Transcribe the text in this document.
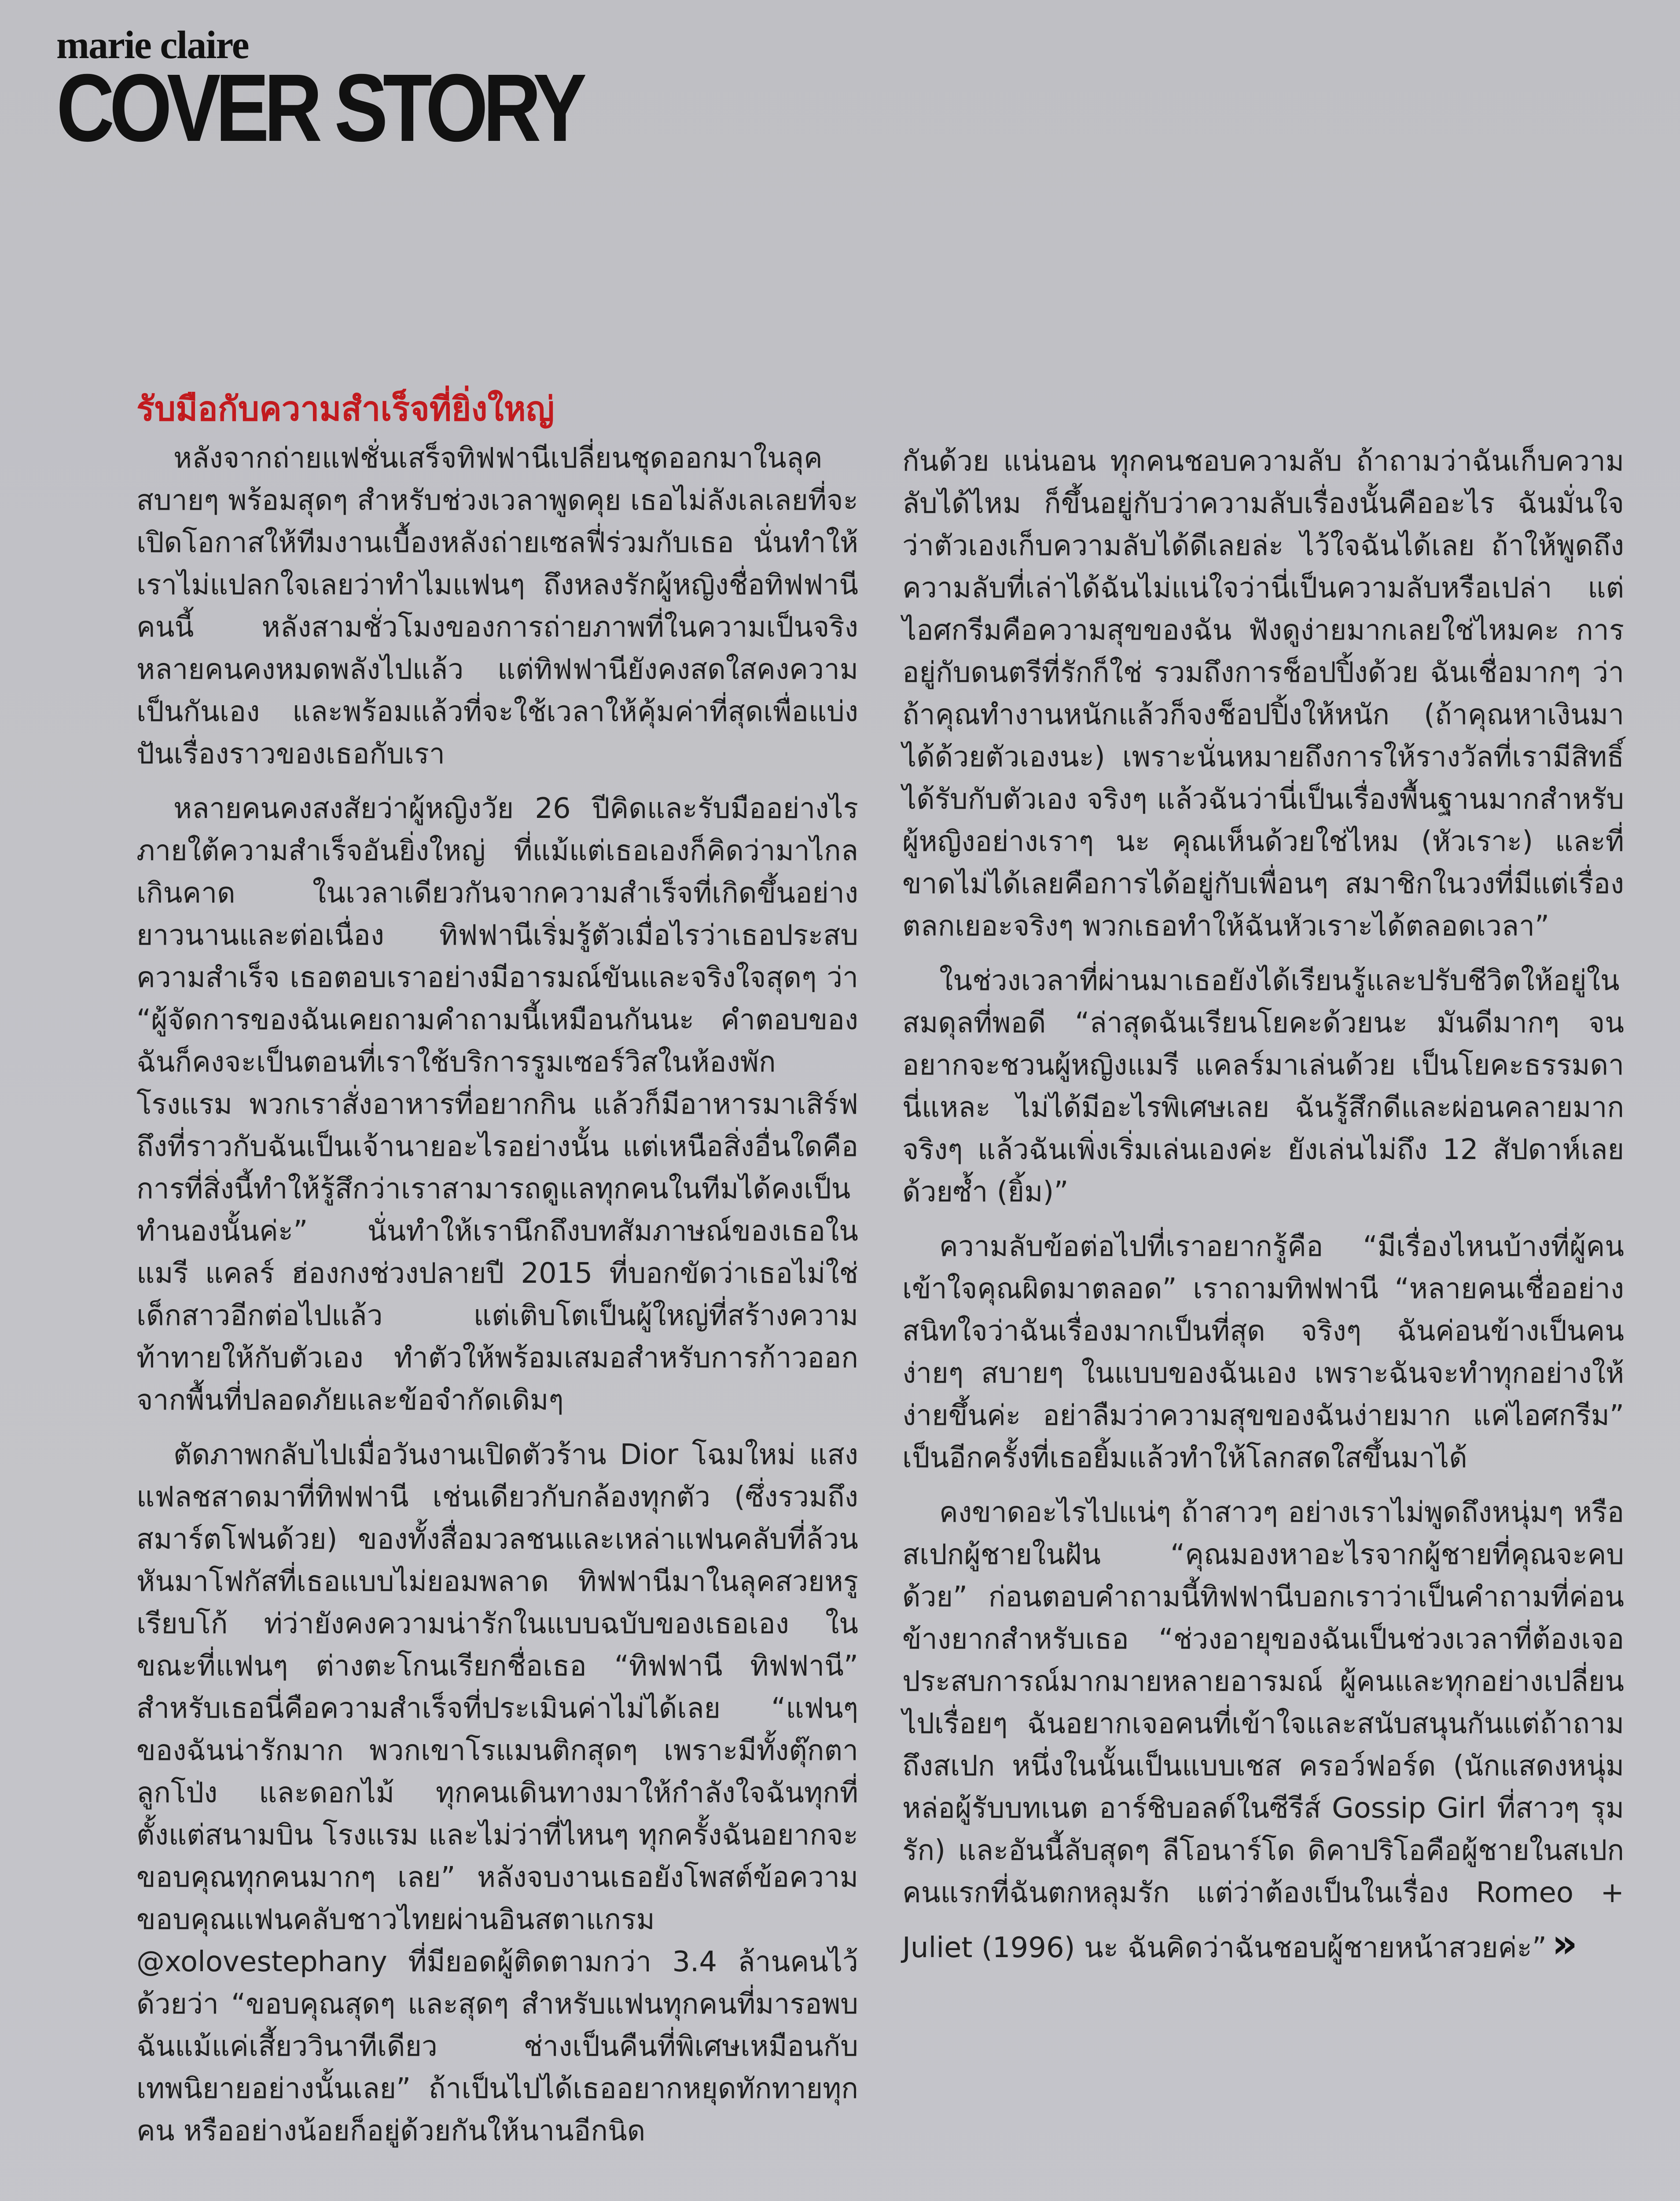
marie claire
COVER STORY
รับมือกับความสำเร็จที่ยิ่งใหญ่

หลังจากถ่ายแฟชั่นเสร็จทิฟฟานีเปลี่ยนชุดออกมาในลุคสบายๆ พร้อมสุดๆ สำหรับช่วงเวลาพูดคุย เธอไม่ลังเลเลยที่จะเปิดโอกาสให้ทีมงานเบื้องหลังถ่ายเซลฟี่ร่วมกับเธอ นั่นทำให้เราไม่แปลกใจเลยว่าทำไมแฟนๆ ถึงหลงรักผู้หญิงชื่อทิฟฟานีคนนี้ หลังสามชั่วโมงของการถ่ายภาพที่ในความเป็นจริงหลายคนคงหมดพลังไปแล้ว แต่ทิฟฟานียังคงสดใสคงความเป็นกันเอง และพร้อมแล้วที่จะใช้เวลาให้คุ้มค่าที่สุดเพื่อแบ่งปันเรื่องราวของเธอกับเรา

หลายคนคงสงสัยว่าผู้หญิงวัย 26 ปีคิดและรับมืออย่างไรภายใต้ความสำเร็จอันยิ่งใหญ่ ที่แม้แต่เธอเองก็คิดว่ามาไกลเกินคาด ในเวลาเดียวกันจากความสำเร็จที่เกิดขึ้นอย่างยาวนานและต่อเนื่อง ทิฟฟานีเริ่มรู้ตัวเมื่อไรว่าเธอประสบความสำเร็จ เธอตอบเราอย่างมีอารมณ์ขันและจริงใจสุดๆ ว่า “ผู้จัดการของฉันเคยถามคำถามนี้เหมือนกันนะ คำตอบของฉันก็คงจะเป็นตอนที่เราใช้บริการรูมเซอร์วิสในห้องพักโรงแรม พวกเราสั่งอาหารที่อยากกิน แล้วก็มีอาหารมาเสิร์ฟถึงที่ราวกับฉันเป็นเจ้านายอะไรอย่างนั้น แต่เหนือสิ่งอื่นใดคือการที่สิ่งนี้ทำให้รู้สึกว่าเราสามารถดูแลทุกคนในทีมได้คงเป็นทำนองนั้นค่ะ” นั่นทำให้เรานึกถึงบทสัมภาษณ์ของเธอในแมรี แคลร์ ฮ่องกงช่วงปลายปี 2015 ที่บอกขัดว่าเธอไม่ใช่เด็กสาวอีกต่อไปแล้ว แต่เติบโตเป็นผู้ใหญ่ที่สร้างความท้าทายให้กับตัวเอง ทำตัวให้พร้อมเสมอสำหรับการก้าวออกจากพื้นที่ปลอดภัยและข้อจำกัดเดิมๆ

ตัดภาพกลับไปเมื่อวันงานเปิดตัวร้าน Dior โฉมใหม่ แสงแฟลชสาดมาที่ทิฟฟานี เช่นเดียวกับกล้องทุกตัว (ซึ่งรวมถึงสมาร์ตโฟนด้วย) ของทั้งสื่อมวลชนและเหล่าแฟนคลับที่ล้วนหันมาโฟกัสที่เธอแบบไม่ยอมพลาด ทิฟฟานีมาในลุคสวยหรูเรียบโก้ ท่ว่ายังคงความน่ารักในแบบฉบับของเธอเอง ในขณะที่แฟนๆ ต่างตะโกนเรียกชื่อเธอ “ทิฟฟานี ทิฟฟานี” สำหรับเธอนี่คือความสำเร็จที่ประเมินค่าไม่ได้เลย “แฟนๆ ของฉันน่ารักมาก พวกเขาโรแมนติกสุดๆ เพราะมีทั้งตุ๊กตา ลูกโป่ง และดอกไม้ ทุกคนเดินทางมาให้กำลังใจฉันทุกที่ตั้งแต่สนามบิน โรงแรม และไม่ว่าที่ไหนๆ ทุกครั้งฉันอยากจะขอบคุณทุกคนมากๆ เลย” หลังจบงานเธอยังโพสต์ข้อความขอบคุณแฟนคลับชาวไทยผ่านอินสตาแกรม @xolovestephany ที่มียอดผู้ติดตามกว่า 3.4 ล้านคนไว้ด้วยว่า “ขอบคุณสุดๆ และสุดๆ สำหรับแฟนทุกคนที่มารอพบฉันแม้แค่เสี้ยววินาทีเดียว ช่างเป็นคืนที่พิเศษเหมือนกับเทพนิยายอย่างนั้นเลย” ถ้าเป็นไปได้เธออยากหยุดทักทายทุกคน หรืออย่างน้อยก็อยู่ด้วยกันให้นานอีกนิด

กันด้วย แน่นอน ทุกคนชอบความลับ ถ้าถามว่าฉันเก็บความลับได้ไหม ก็ขึ้นอยู่กับว่าความลับเรื่องนั้นคืออะไร ฉันมั่นใจว่าตัวเองเก็บความลับได้ดีเลยล่ะ ไว้ใจฉันได้เลย ถ้าให้พูดถึงความลับที่เล่าได้ฉันไม่แน่ใจว่านี่เป็นความลับหรือเปล่า แต่ไอศกรีมคือความสุขของฉัน ฟังดูง่ายมากเลยใช่ไหมคะ การอยู่กับดนตรีที่รักก็ใช่ รวมถึงการช็อปปิ้งด้วย ฉันเชื่อมากๆ ว่าถ้าคุณทำงานหนักแล้วก็จงช็อปปิ้งให้หนัก (ถ้าคุณหาเงินมาได้ด้วยตัวเองนะ) เพราะนั่นหมายถึงการให้รางวัลที่เรามีสิทธิ์ได้รับกับตัวเอง จริงๆ แล้วฉันว่านี่เป็นเรื่องพื้นฐานมากสำหรับผู้หญิงอย่างเราๆ นะ คุณเห็นด้วยใช่ไหม (หัวเราะ) และที่ขาดไม่ได้เลยคือการได้อยู่กับเพื่อนๆ สมาชิกในวงที่มีแต่เรื่องตลกเยอะจริงๆ พวกเธอทำให้ฉันหัวเราะได้ตลอดเวลา”

ในช่วงเวลาที่ผ่านมาเธอยังได้เรียนรู้และปรับชีวิตให้อยู่ในสมดุลที่พอดี “ล่าสุดฉันเรียนโยคะด้วยนะ มันดีมากๆ จนอยากจะชวนผู้หญิงแมรี แคลร์มาเล่นด้วย เป็นโยคะธรรมดานี่แหละ ไม่ได้มีอะไรพิเศษเลย ฉันรู้สึกดีและผ่อนคลายมากจริงๆ แล้วฉันเพิ่งเริ่มเล่นเองค่ะ ยังเล่นไม่ถึง 12 สัปดาห์เลยด้วยซ้ำ (ยิ้ม)”

ความลับข้อต่อไปที่เราอยากรู้คือ “มีเรื่องไหนบ้างที่ผู้คนเข้าใจคุณผิดมาตลอด” เราถามทิฟฟานี “หลายคนเชื่ออย่างสนิทใจว่าฉันเรื่องมากเป็นที่สุด จริงๆ ฉันค่อนข้างเป็นคนง่ายๆ สบายๆ ในแบบของฉันเอง เพราะฉันจะทำทุกอย่างให้ง่ายขึ้นค่ะ อย่าลืมว่าความสุขของฉันง่ายมาก แค่ไอศกรีม” เป็นอีกครั้งที่เธอยิ้มแล้วทำให้โลกสดใสขึ้นมาได้

คงขาดอะไรไปแน่ๆ ถ้าสาวๆ อย่างเราไม่พูดถึงหนุ่มๆ หรือสเปกผู้ชายในฝัน “คุณมองหาอะไรจากผู้ชายที่คุณจะคบด้วย” ก่อนตอบคำถามนี้ทิฟฟานีบอกเราว่าเป็นคำถามที่ค่อนข้างยากสำหรับเธอ “ช่วงอายุของฉันเป็นช่วงเวลาที่ต้องเจอประสบการณ์มากมายหลายอารมณ์ ผู้คนและทุกอย่างเปลี่ยนไปเรื่อยๆ ฉันอยากเจอคนที่เข้าใจและสนับสนุนกันแต่ถ้าถามถึงสเปก หนึ่งในนั้นเป็นแบบเชส ครอว์ฟอร์ด (นักแสดงหนุ่มหล่อผู้รับบทเนต อาร์ชิบอลด์ในซีรีส์ Gossip Girl ที่สาวๆ รุมรัก) และอันนี้ลับสุดๆ ลีโอนาร์โด ดิคาปริโอคือผู้ชายในสเปกคนแรกที่ฉันตกหลุมรัก แต่ว่าต้องเป็นในเรื่อง Romeo + Juliet (1996) นะ ฉันคิดว่าฉันชอบผู้ชายหน้าสวยค่ะ” »
